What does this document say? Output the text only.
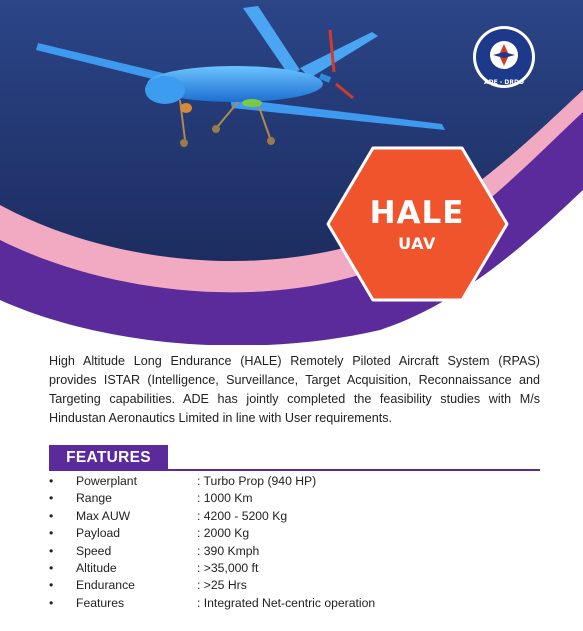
HALE
UAV
ADE - DRDO

High Altitude Long Endurance (HALE) Remotely Piloted Aircraft System (RPAS) provides ISTAR (Intelligence, Surveillance, Target Acquisition, Reconnaissance and Targeting capabilities. ADE has jointly completed the feasibility studies with M/s Hindustan Aeronautics Limited in line with User requirements.

FEATURES
• Powerplant	: Turbo Prop (940 HP)
• Range	: 1000 Km
• Max AUW	: 4200 - 5200 Kg
• Payload	: 2000 Kg
• Speed	: 390 Kmph
• Altitude	: >35,000 ft
• Endurance	: >25 Hrs
• Features	: Integrated Net-centric operation
